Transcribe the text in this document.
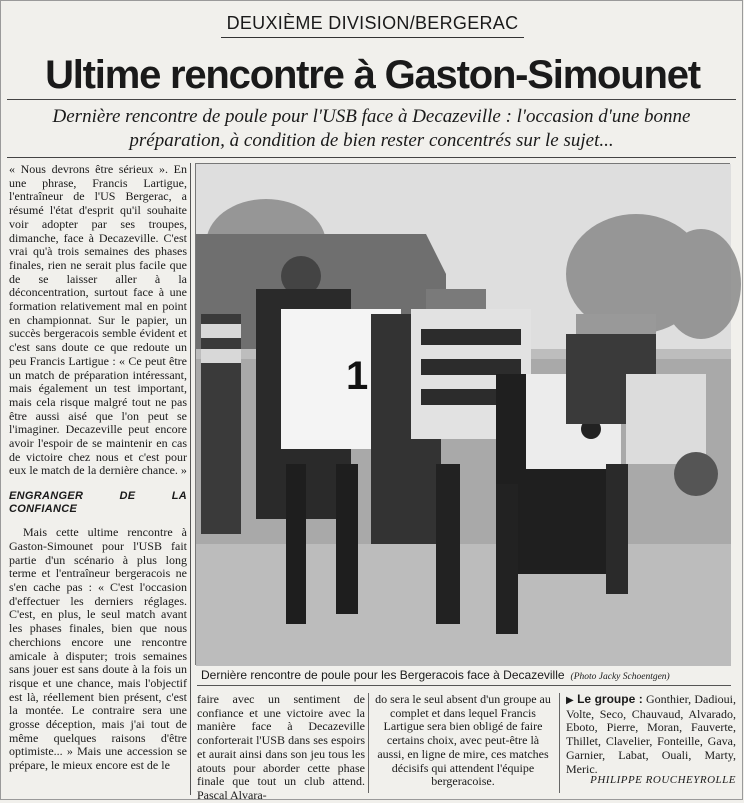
DEUXIÈME DIVISION/BERGERAC
Ultime rencontre à Gaston-Simounet
Dernière rencontre de poule pour l'USB face à Decazeville : l'occasion d'une bonne préparation, à condition de bien rester concentrés sur le sujet...

« Nous devrons être sérieux ». En une phrase, Francis Lartigue, l'entraîneur de l'US Bergerac, a résumé l'état d'esprit qu'il souhaite voir adopter par ses troupes, dimanche, face à Decazeville. C'est vrai qu'à trois semaines des phases finales, rien ne serait plus facile que de se laisser aller à la déconcentration, surtout face à une formation relativement mal en point en championnat. Sur le papier, un succès bergeracois semble évident et c'est sans doute ce que redoute un peu Francis Lartigue : « Ce peut être un match de préparation intéressant, mais également un test important, mais cela risque malgré tout ne pas être aussi aisé que l'on peut se l'imaginer. Decazeville peut encore avoir l'espoir de se maintenir en cas de victoire chez nous et c'est pour eux le match de la dernière chance. »

ENGRANGER DE LA CONFIANCE

Mais cette ultime rencontre à Gaston-Simounet pour l'USB fait partie d'un scénario à plus long terme et l'entraîneur bergeracois ne s'en cache pas : « C'est l'occasion d'effectuer les derniers réglages. C'est, en plus, le seul match avant les phases finales, bien que nous cherchions encore une rencontre amicale à disputer; trois semaines sans jouer est sans doute à la fois un risque et une chance, mais l'objectif est là, réellement bien présent, c'est la montée. Le contraire sera une grosse déception, mais j'ai tout de même quelques raisons d'être optimiste... » Mais une accession se prépare, le mieux encore est de le

1
Dernière rencontre de poule pour les Bergeracois face à Decazeville (Photo Jacky Schoentgen)
faire avec un sentiment de confiance et une victoire avec la manière face à Decazeville conforterait l'USB dans ses espoirs et aurait ainsi dans son jeu tous les atouts pour aborder cette phase finale que tout un club attend. Pascal Alvara-
do sera le seul absent d'un groupe au complet et dans lequel Francis Lartigue sera bien obligé de faire certains choix, avec peut-être là aussi, en ligne de mire, ces matches décisifs qui attendent l'équipe bergeracoise.
▶ Le groupe : Gonthier, Dadioui, Volte, Seco, Chauvaud, Alvarado, Eboto, Pierre, Moran, Fauverte, Thillet, Clavelier, Fonteille, Gava, Garnier, Labat, Ouali, Marty, Meric.
PHILIPPE ROUCHEYROLLE
